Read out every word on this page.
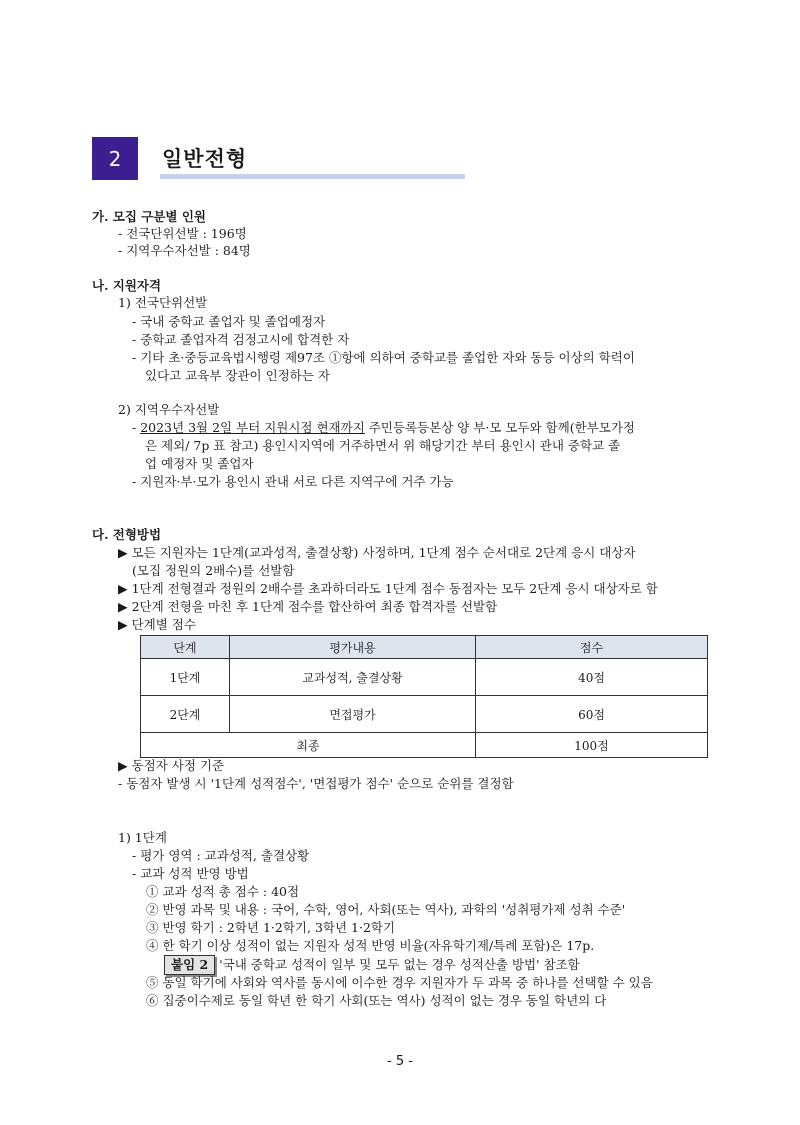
2 일반전형
가. 모집 구분별 인원
- 전국단위선발 : 196명
- 지역우수자선발 : 84명
나. 지원자격
1) 전국단위선발
- 국내 중학교 졸업자 및 졸업예정자
- 중학교 졸업자격 검정고시에 합격한 자
- 기타 초·중등교육법시행령 제97조 ①항에 의하여 중학교를 졸업한 자와 동등 이상의 학력이
있다고 교육부 장관이 인정하는 자
2) 지역우수자선발
- 2023년 3월 2일 부터 지원시점 현재까지 주민등록등본상 양 부·모 모두와 함께(한부모가정
은 제외/ 7p 표 참고) 용인시지역에 거주하면서 위 해당기간 부터 용인시 관내 중학교 졸
업 예정자 및 졸업자
- 지원자·부·모가 용인시 관내 서로 다른 지역구에 거주 가능
다. 전형방법
▶ 모든 지원자는 1단계(교과성적, 출결상황) 사정하며, 1단계 점수 순서대로 2단계 응시 대상자
(모집 정원의 2배수)를 선발함
▶ 1단계 전형결과 정원의 2배수를 초과하더라도 1단계 점수 동점자는 모두 2단계 응시 대상자로 함
▶ 2단계 전형을 마친 후 1단계 점수를 합산하여 최종 합격자를 선발함
▶ 단계별 점수
단계	평가내용	점수
1단계	교과성적, 출결상황	40점
2단계	면접평가	60점
최종		100점
▶ 동점자 사정 기준
- 동점자 발생 시 '1단계 성적점수', '면접평가 점수' 순으로 순위를 결정함
1) 1단계
- 평가 영역 : 교과성적, 출결상황
- 교과 성적 반영 방법
① 교과 성적 총 점수 : 40점
② 반영 과목 및 내용 : 국어, 수학, 영어, 사회(또는 역사), 과학의 '성취평가제 성취 수준'
③ 반영 학기 : 2학년 1·2학기, 3학년 1·2학기
④ 한 학기 이상 성적이 없는 지원자 성적 반영 비율(자유학기제/특례 포함)은 17p.
붙임 2 '국내 중학교 성적이 일부 및 모두 없는 경우 성적산출 방법' 참조함
⑤ 동일 학기에 사회와 역사를 동시에 이수한 경우 지원자가 두 과목 중 하나를 선택할 수 있음
⑥ 집중이수제로 동일 학년 한 학기 사회(또는 역사) 성적이 없는 경우 동일 학년의 다
- 5 -
